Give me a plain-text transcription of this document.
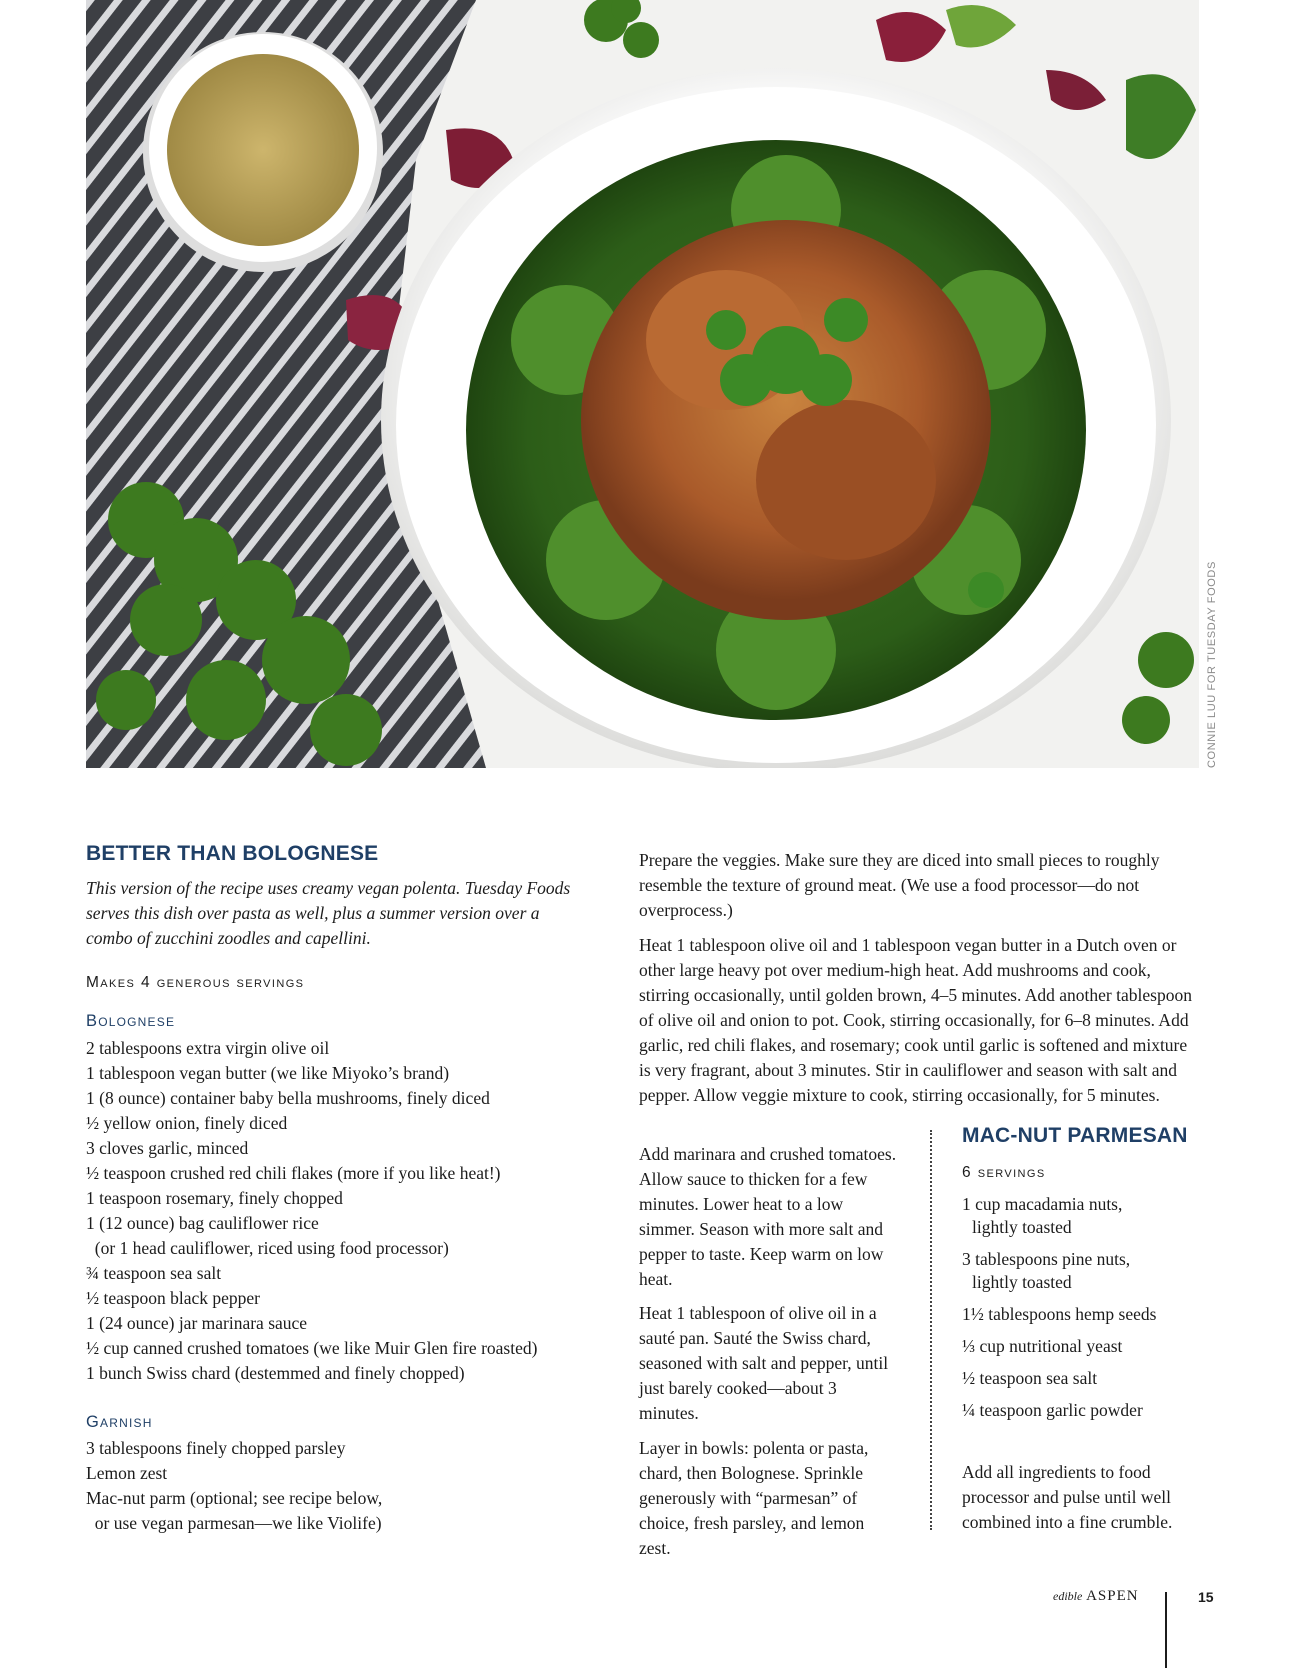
CONNIE LUU FOR TUESDAY FOODS
BETTER THAN BOLOGNESE

This version of the recipe uses creamy vegan polenta. Tuesday Foods serves this dish over pasta as well, plus a summer version over a combo of zucchini zoodles and capellini.

Makes 4 generous servings

Bolognese

2 tablespoons extra virgin olive oil
1 tablespoon vegan butter (we like Miyoko’s brand)
1 (8 ounce) container baby bella mushrooms, finely diced
½ yellow onion, finely diced
3 cloves garlic, minced
½ teaspoon crushed red chili flakes (more if you like heat!)
1 teaspoon rosemary, finely chopped
1 (12 ounce) bag cauliflower rice
(or 1 head cauliflower, riced using food processor)
¾ teaspoon sea salt
½ teaspoon black pepper
1 (24 ounce) jar marinara sauce
½ cup canned crushed tomatoes (we like Muir Glen fire roasted)
1 bunch Swiss chard (destemmed and finely chopped)

Garnish

3 tablespoons finely chopped parsley
Lemon zest
Mac-nut parm (optional; see recipe below,
or use vegan parmesan—we like Violife)

Prepare the veggies. Make sure they are diced into small pieces to roughly resemble the texture of ground meat. (We use a food processor—do not overprocess.)

Heat 1 tablespoon olive oil and 1 tablespoon vegan butter in a Dutch oven or other large heavy pot over medium-high heat. Add mushrooms and cook, stirring occasionally, until golden brown, 4–5 minutes. Add another tablespoon of olive oil and onion to pot. Cook, stirring occasionally, for 6–8 minutes. Add garlic, red chili flakes, and rosemary; cook until garlic is softened and mixture is very fragrant, about 3 minutes. Stir in cauliflower and season with salt and pepper. Allow veggie mixture to cook, stirring occasionally, for 5 minutes.

Add marinara and crushed tomatoes. Allow sauce to thicken for a few minutes. Lower heat to a low simmer. Season with more salt and pepper to taste. Keep warm on low heat.

Heat 1 tablespoon of olive oil in a sauté pan. Sauté the Swiss chard, seasoned with salt and pepper, until just barely cooked—about 3 minutes.

Layer in bowls: polenta or pasta, chard, then Bolognese. Sprinkle generously with “parmesan” of choice, fresh parsley, and lemon zest.

MAC-NUT PARMESAN

6 servings

1 cup macadamia nuts, lightly toasted
3 tablespoons pine nuts, lightly toasted
1½ tablespoons hemp seeds
⅓ cup nutritional yeast
½ teaspoon sea salt
¼ teaspoon garlic powder

Add all ingredients to food processor and pulse until well combined into a fine crumble.

edible ASPEN	15
